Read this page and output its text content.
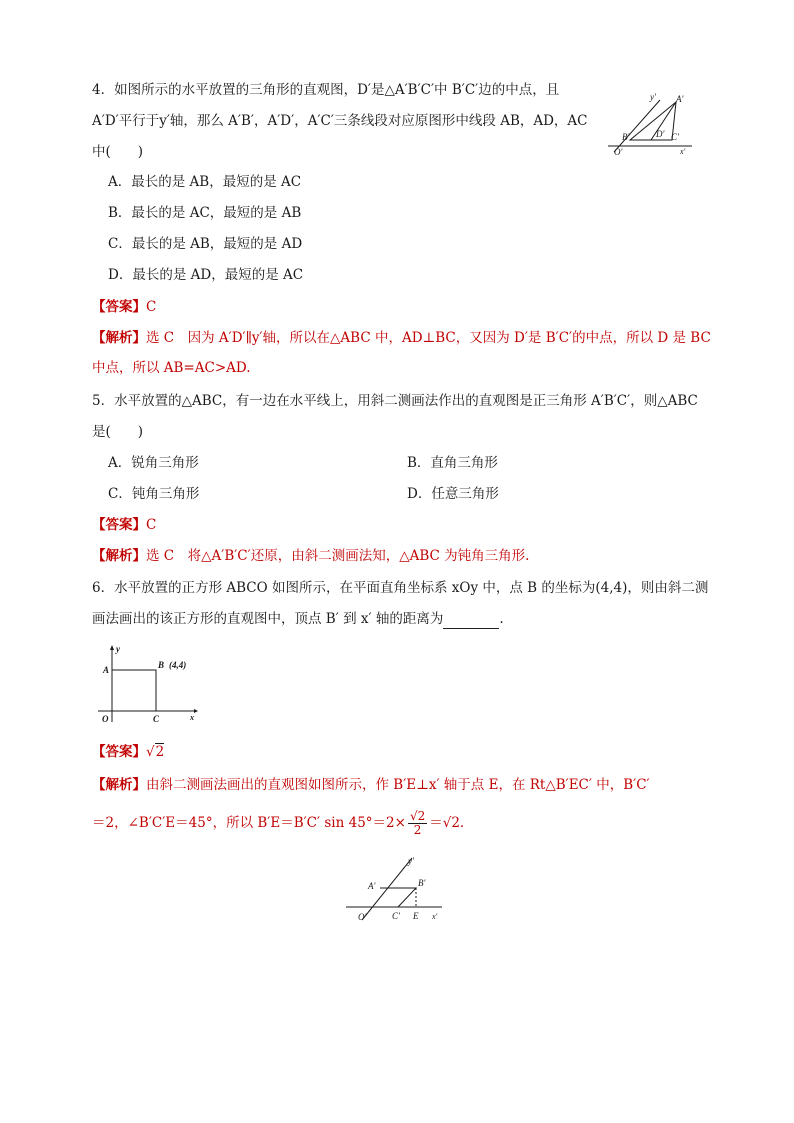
4．如图所示的水平放置的三角形的直观图，D′是△A′B′C′中 B′C′边的中点，且
A′D′平行于y′轴，那么 A′B′，A′D′，A′C′三条线段对应原图形中线段 AB，AD，AC
中(　　)
y′ A′
B′	D′ C′
O′	x′
A．最长的是 AB，最短的是 AC
B．最长的是 AC，最短的是 AB
C．最长的是 AB，最短的是 AD
D．最长的是 AD，最短的是 AC
【答案】C
【解析】选 C　因为 A′D′∥y′轴，所以在△ABC 中，AD⊥BC，又因为 D′是 B′C′的中点，所以 D 是 BC
中点，所以 AB=AC>AD.
5．水平放置的△ABC，有一边在水平线上，用斜二测画法作出的直观图是正三角形 A′B′C′，则△ABC
是(　　)
A．锐角三角形	B．直角三角形
C．钝角三角形	D．任意三角形
【答案】C
【解析】选 C　将△A′B′C′还原，由斜二测画法知，△ABC 为钝角三角形.
6．水平放置的正方形 ABCO 如图所示，在平面直角坐标系 xOy 中，点 B 的坐标为(4,4)，则由斜二测
画法画出的该正方形的直观图中，顶点 B′ 到 x′ 轴的距离为	.
y
A	B (4,4)
O	C	x
【答案】√2
【解析】由斜二测画法画出的直观图如图所示，作 B′E⊥x′ 轴于点 E，在 Rt△B′EC′ 中，B′C′
＝2，∠B′C′E＝45°，所以 B′E＝B′C′ $\sin 45^\circ=2\times \frac{√2}{2} =√2$.
y′
A′	B′
O′	C′ E x′
